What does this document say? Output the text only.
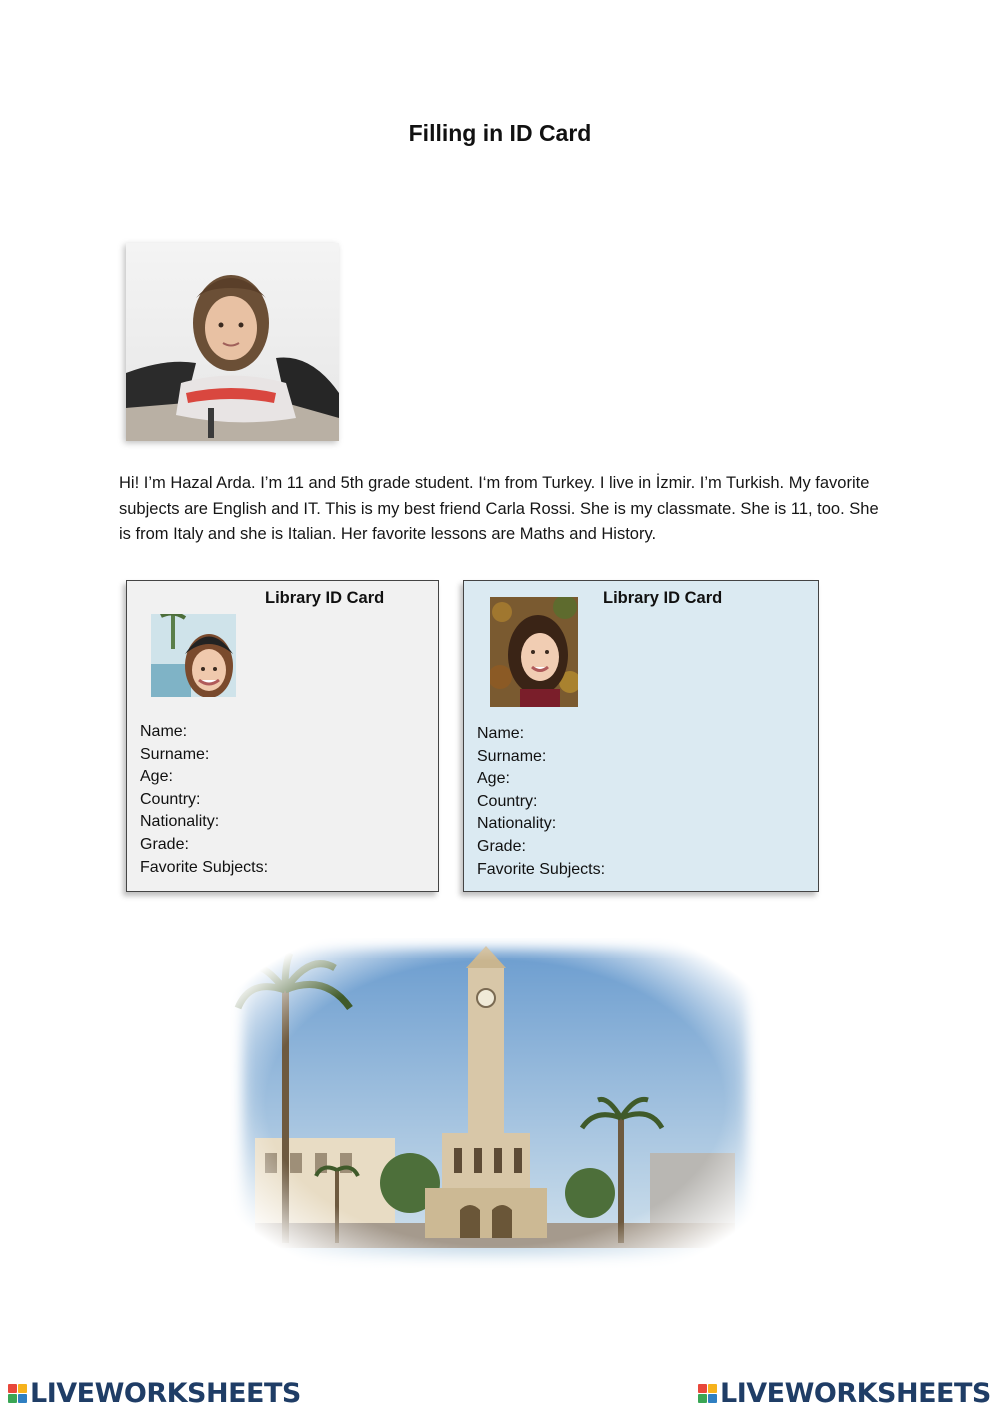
Filling in ID Card

Hi! I’m Hazal Arda. I’m 11 and 5th grade student. I‘m from Turkey. I live in İzmir. I’m Turkish. My favorite subjects are English and IT. This is my best friend Carla Rossi. She is my classmate. She is 11, too. She is from Italy and she is Italian. Her favorite lessons are Maths and History.

Library ID Card
Name:
Surname:
Age:
Country:
Nationality:
Grade:
Favorite Subjects:
Library ID Card
Name:
Surname:
Age:
Country:
Nationality:
Grade:
Favorite Subjects:
LIVEWORKSHEETS	LIVEWORKSHEETS
